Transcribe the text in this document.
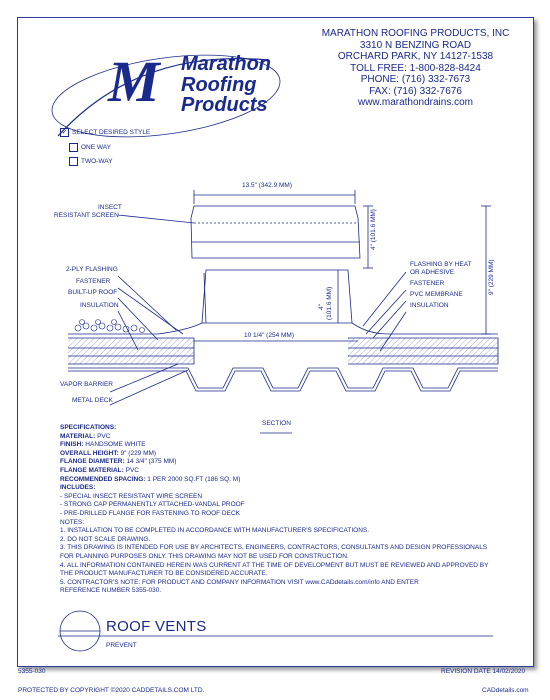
M Marathon
Roofing
Products
MARATHON ROOFING PRODUCTS, INC
3310 N BENZING ROAD
ORCHARD PARK, NY 14127-1538
TOLL FREE: 1-800-828-8424
PHONE: (716) 332-7673
FAX: (716) 332-7676
www.marathondrains.com
✓ SELECT DESIRED STYLE
ONE WAY
TWO-WAY
13.5" (342.9 MM)
4" (101.6 MM)
9" (229 MM)
4" (101.6 MM)
10 1/4" (254 MM)
INSECT
RESISTANT SCREEN
2-PLY FLASHING
FASTENER
BUILT-UP ROOF
INSULATION
VAPOR BARRIER
METAL DECK
FLASHING BY HEAT
OR ADHESIVE
FASTENER
PVC MEMBRANE
INSULATION
SECTION
SPECIFICATIONS:
MATERIAL: PVC
FINISH: HANDSOME WHITE
OVERALL HEIGHT: 9" (229 MM)
FLANGE DIAMETER: 14 3/4" (375 MM)
FLANGE MATERIAL: PVC
RECOMMENDED SPACING: 1 PER 2000 SQ.FT (186 SQ. M)
INCLUDES:
- SPECIAL INSECT RESISTANT WIRE SCREEN
- STRONG CAP PERMANENTLY ATTACHED-VANDAL PROOF
- PRE-DRILLED FLANGE FOR FASTENING TO ROOF DECK
NOTES:
1. INSTALLATION TO BE COMPLETED IN ACCORDANCE WITH MANUFACTURER'S SPECIFICATIONS.
2. DO NOT SCALE DRAWING.
3. THIS DRAWING IS INTENDED FOR USE BY ARCHITECTS, ENGINEERS, CONTRACTORS, CONSULTANTS AND DESIGN PROFESSIONALS
FOR PLANNING PURPOSES ONLY. THIS DRAWING MAY NOT BE USED FOR CONSTRUCTION.
4. ALL INFORMATION CONTAINED HEREIN WAS CURRENT AT THE TIME OF DEVELOPMENT BUT MUST BE REVIEWED AND APPROVED BY
THE PRODUCT MANUFACTURER TO BE CONSIDERED ACCURATE.
5. CONTRACTOR'S NOTE: FOR PRODUCT AND COMPANY INFORMATION VISIT www.CADdetails.com/info AND ENTER
REFERENCE NUMBER 5355-030.
ROOF VENTS
PREVENT
5355-030	REVISION DATE 14/02/2020
PROTECTED BY COPYRIGHT ©2020 CADDETAILS.COM LTD.	CADdetails.com
